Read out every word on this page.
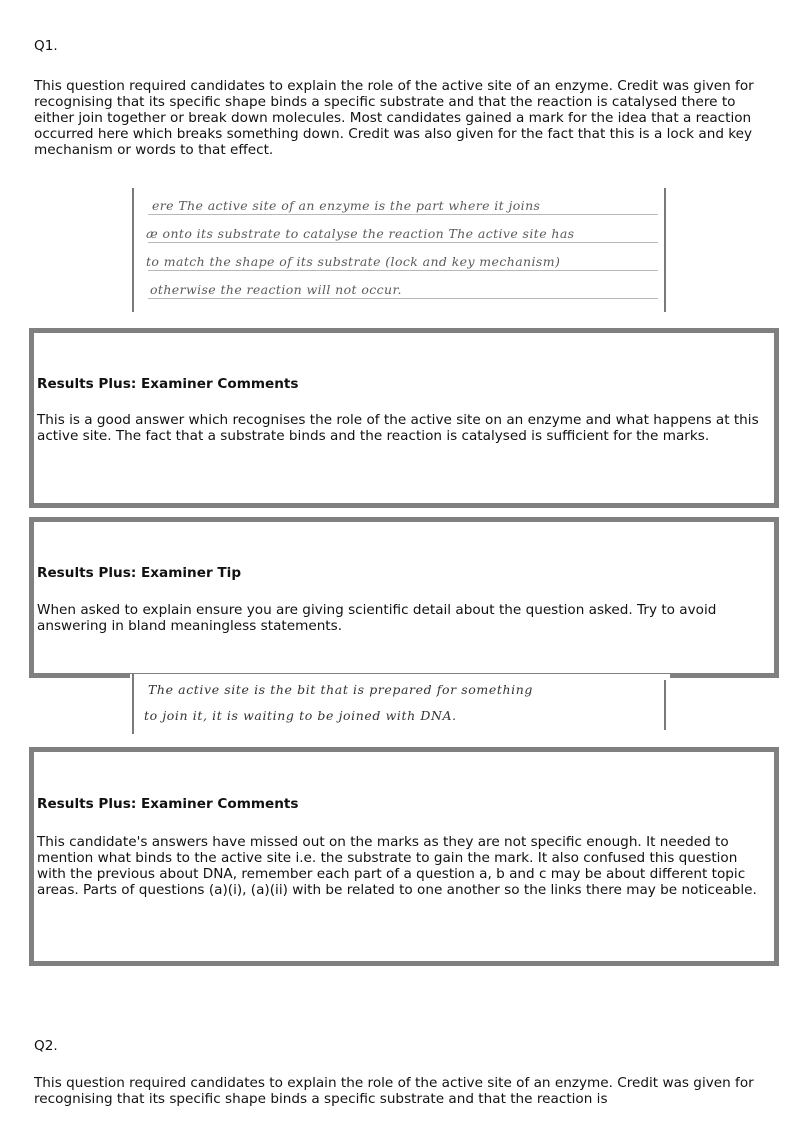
Q1.
This question required candidates to explain the role of the active site of an enzyme. Credit was given for recognising that its specific shape binds a specific substrate and that the reaction is catalysed there to either join together or break down molecules. Most candidates gained a mark for the idea that a reaction occurred here which breaks something down. Credit was also given for the fact that this is a lock and key mechanism or words to that effect.
ere The active site of an enzyme is the part where it joins
æ onto its substrate to catalyse the reaction The active site has
to match the shape of its substrate (lock and key mechanism)
otherwise the reaction will not occur.
Results Plus: Examiner Comments
This is a good answer which recognises the role of the active site on an enzyme and what happens at this active site. The fact that a substrate binds and the reaction is catalysed is sufficient for the marks.
Results Plus: Examiner Tip
When asked to explain ensure you are giving scientific detail about the question asked. Try to avoid answering in bland meaningless statements.
The active site is the bit that is prepared for something
to join it, it is waiting to be joined with DNA.
Results Plus: Examiner Comments
This candidate's answers have missed out on the marks as they are not specific enough. It needed to mention what binds to the active site i.e. the substrate to gain the mark. It also confused this question with the previous about DNA, remember each part of a question a, b and c may be about different topic areas. Parts of questions (a)(i), (a)(ii) with be related to one another so the links there may be noticeable.
Q2.
This question required candidates to explain the role of the active site of an enzyme. Credit was given for recognising that its specific shape binds a specific substrate and that the reaction is
